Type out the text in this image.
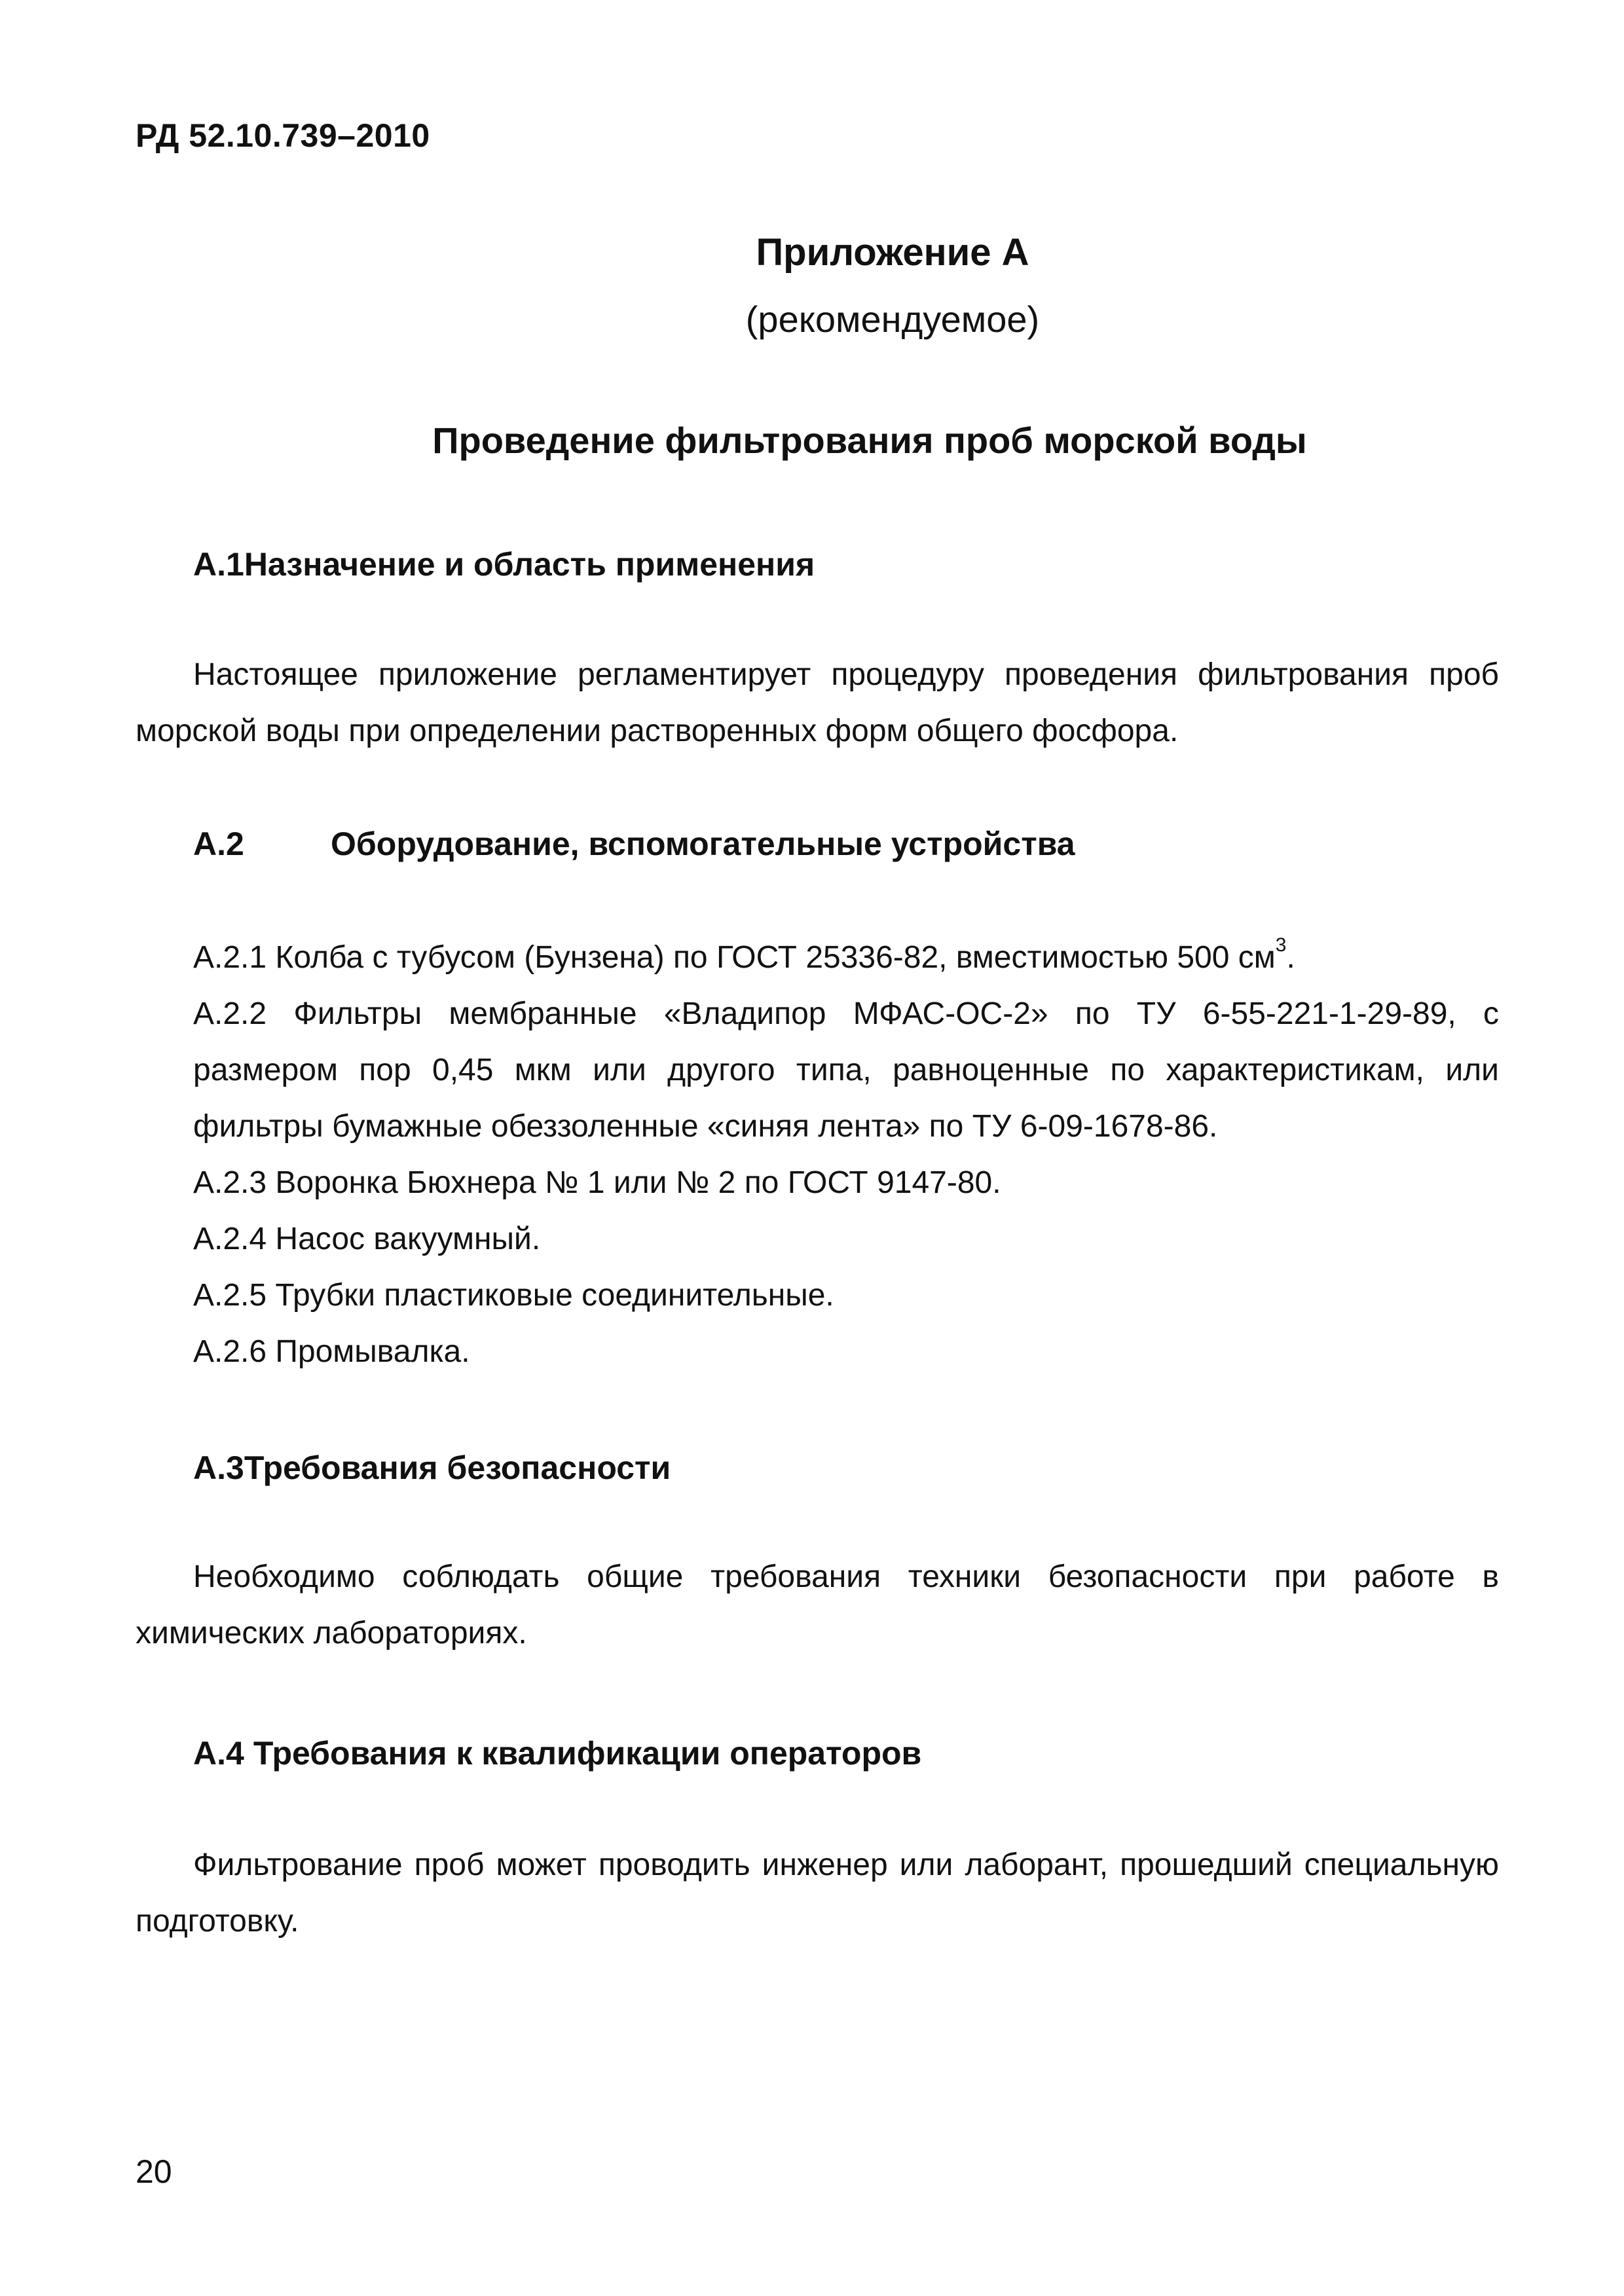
РД 52.10.739–2010
Приложение А
(рекомендуемое)
Проведение фильтрования проб морской воды
А.1Назначение и область применения

Настоящее приложение регламентирует процедуру проведения фильтрования проб морской воды при определении растворенных форм общего фосфора.

А.2	Оборудование, вспомогательные устройства
А.2.1 Колба с тубусом (Бунзена) по ГОСТ 25336-82, вместимостью 500 $см^3$.
А.2.2 Фильтры мембранные «Владипор МФАС-ОС-2» по ТУ 6-55-221-1-29-89, с размером пор 0,45 мкм или другого типа, равноценные по характеристикам, или
фильтры бумажные обеззоленные «синяя лента» по ТУ 6-09-1678-86.
А.2.3 Воронка Бюхнера № 1 или № 2 по ГОСТ 9147-80.
А.2.4 Насос вакуумный.
А.2.5 Трубки пластиковые соединительные.
А.2.6 Промывалка.
А.3Требования безопасности

Необходимо соблюдать общие требования техники безопасности при работе в химических лабораториях.

А.4 Требования к квалификации операторов

Фильтрование проб может проводить инженер или лаборант, прошедший специальную подготовку.

20
